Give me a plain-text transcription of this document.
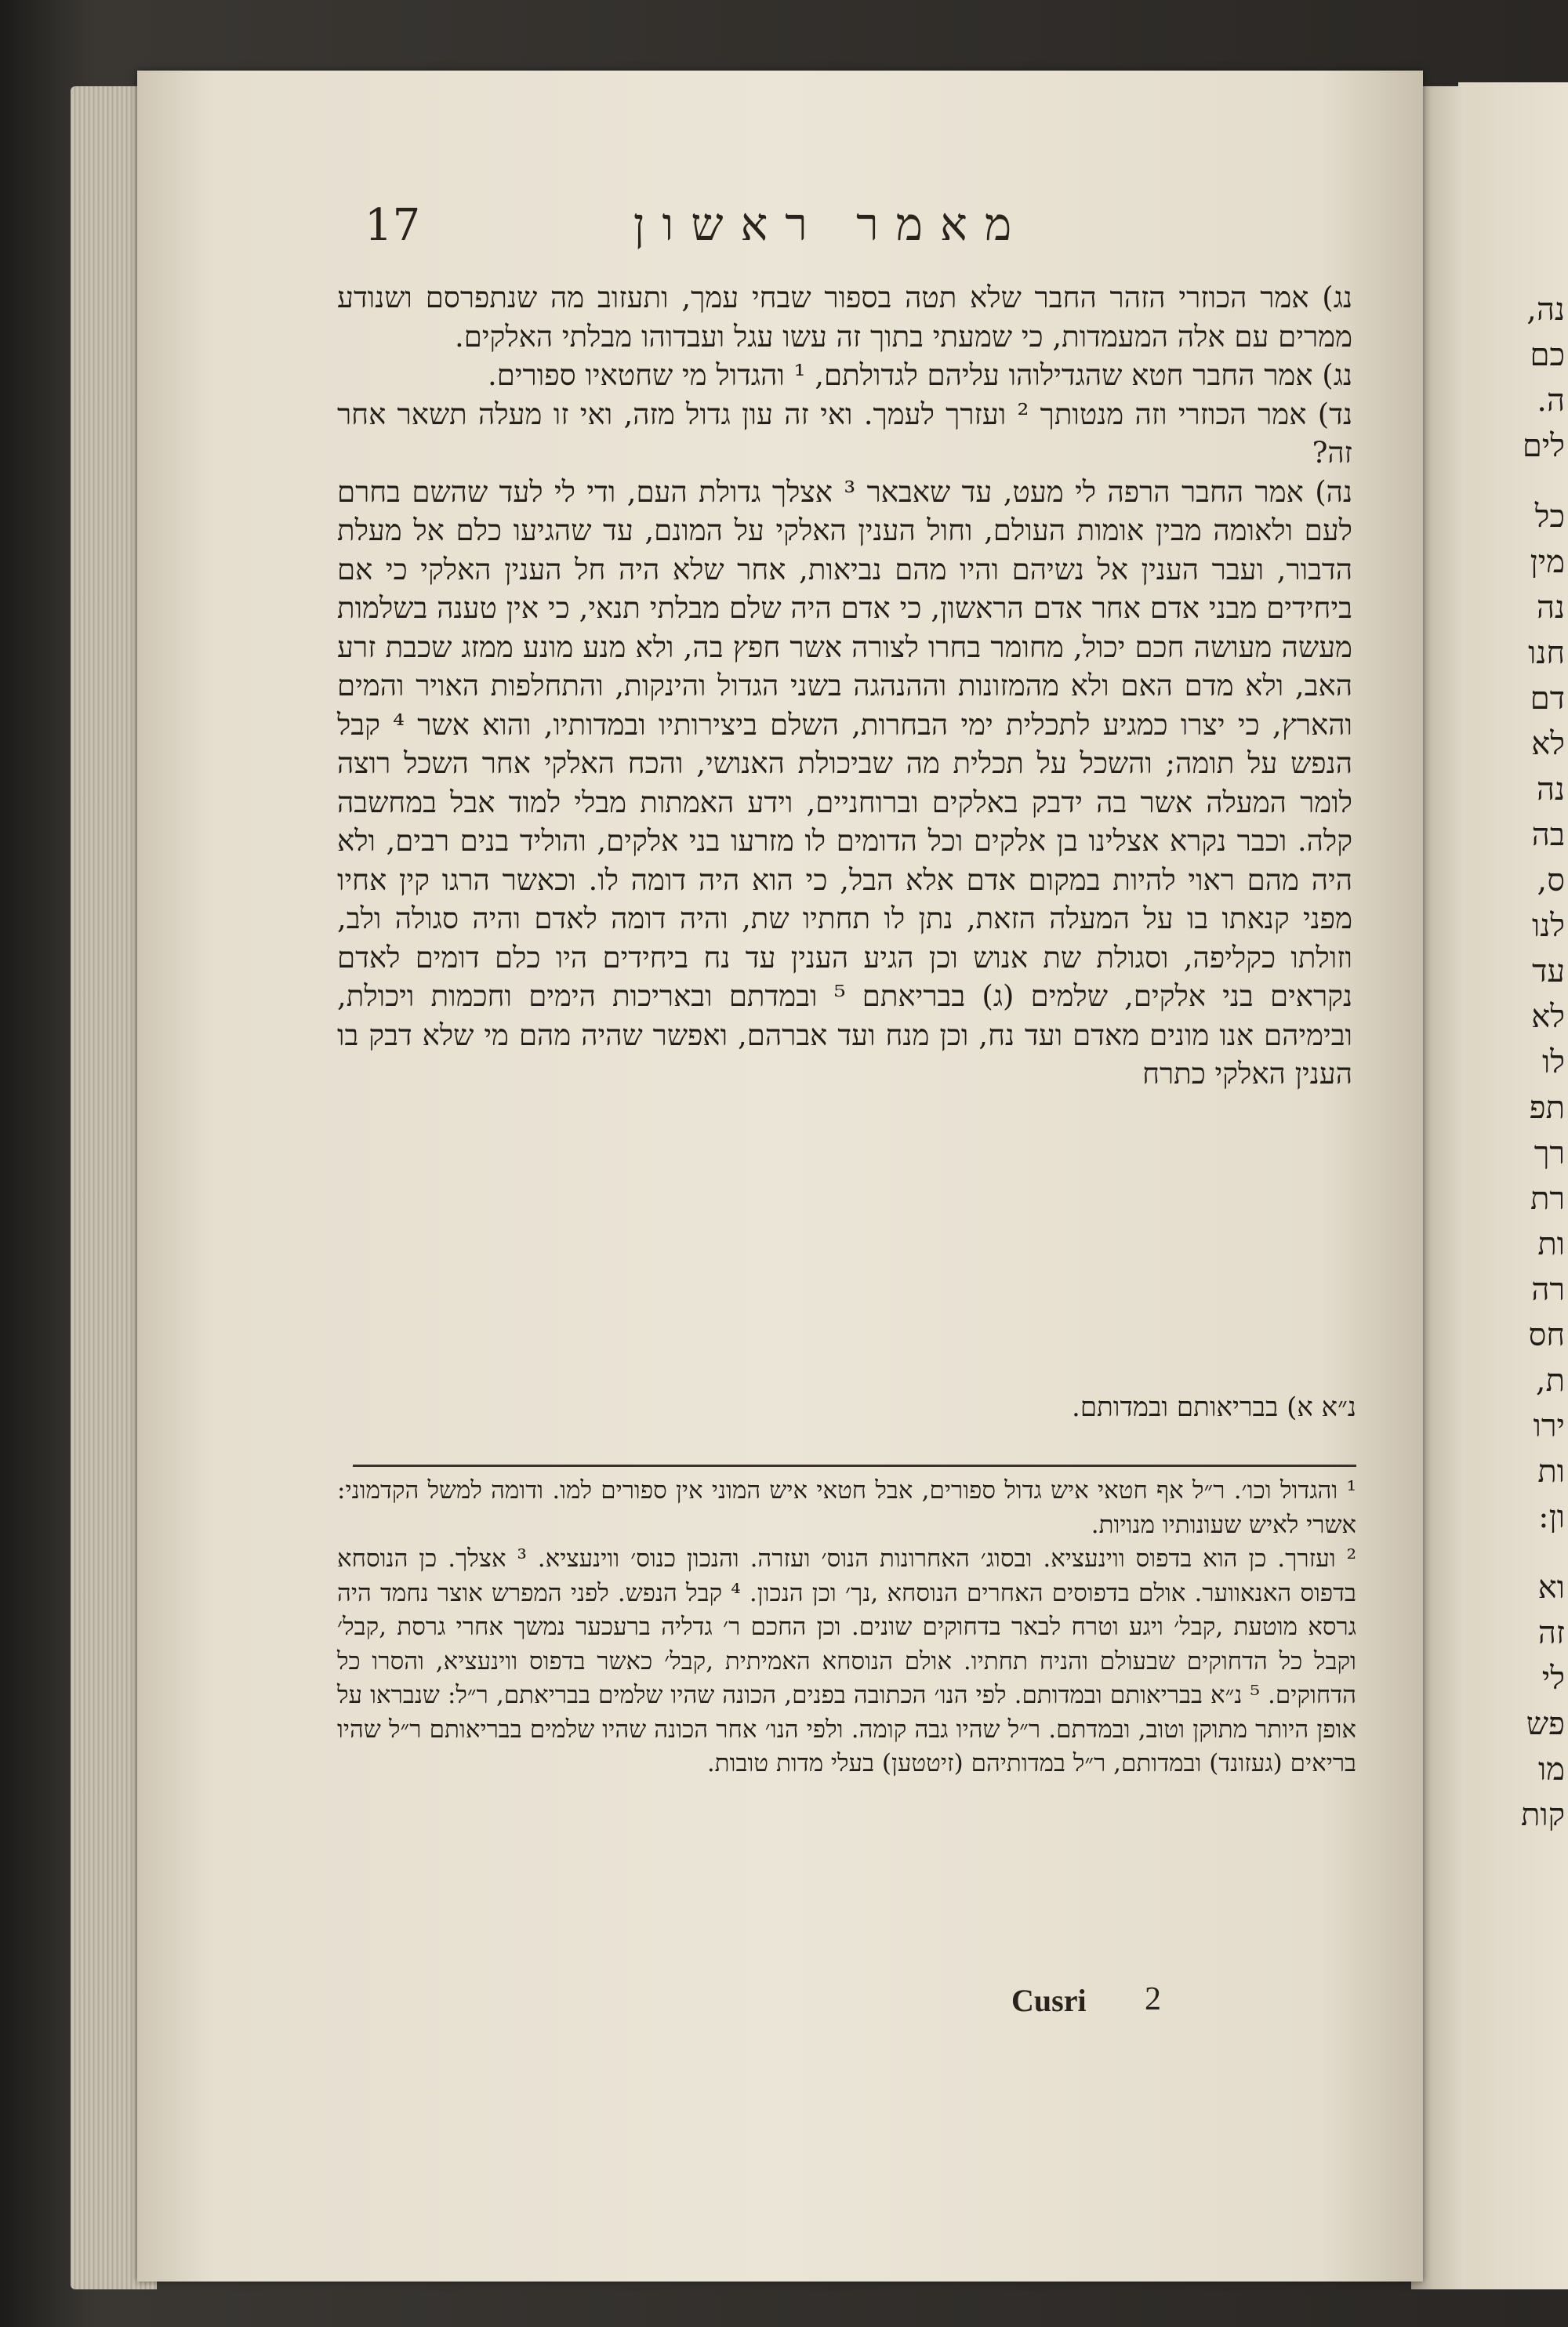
נה,
כם
ה.
לים
כל
מין
נה
חנו
דם
לא
נה
בה
ס,
לנו
עד
לא
לו
תפ
רך
רת
ות
רה
חס
ת,
ירו
ות
ון:
וא
זה
לי
פש
מו
קות
17	מאמר ראשון

נג) אמר הכוזרי הזהר החבר שלא תטה בספור שבחי עמך, ותעזוב מה שנתפרסם ושנודע ממרים עם אלה המעמדות, כי שמעתי בתוך זה עשו עגל ועבדוהו מבלתי האלקים.

נג) אמר החבר חטא שהגדילוהו עליהם לגדולתם, ¹ והגדול מי שחטאיו ספורים.

נד) אמר הכוזרי וזה מנטותך ² ועזרך לעמך. ואי זה עון גדול מזה, ואי זו מעלה תשאר אחר זה?

נה) אמר החבר הרפה לי מעט, עד שאבאר ³ אצלך גדולת העם, ודי לי לעד שהשם בחרם לעם ולאומה מבין אומות העולם, וחול הענין האלקי על המונם, עד שהגיעו כלם אל מעלת הדבור, ועבר הענין אל נשיהם והיו מהם נביאות, אחר שלא היה חל הענין האלקי כי אם ביחידים מבני אדם אחר אדם הראשון, כי אדם היה שלם מבלתי תנאי, כי אין טענה בשלמות מעשה מעושה חכם יכול, מחומר בחרו לצורה אשר חפץ בה, ולא מנע מונע ממזג שכבת זרע האב, ולא מדם האם ולא מהמזונות וההנהגה בשני הגדול והינקות, והתחלפות האויר והמים והארץ, כי יצרו כמגיע לתכלית ימי הבחרות, השלם ביצירותיו ובמדותיו, והוא אשר ⁴ קבל הנפש על תומה; והשכל על תכלית מה שביכולת האנושי, והכח האלקי אחר השכל רוצה לומר המעלה אשר בה ידבק באלקים וברוחניים, וידע האמתות מבלי למוד אבל במחשבה קלה. וכבר נקרא אצלינו בן אלקים וכל הדומים לו מזרעו בני אלקים, והוליד בנים רבים, ולא היה מהם ראוי להיות במקום אדם אלא הבל, כי הוא היה דומה לו. וכאשר הרגו קין אחיו מפני קנאתו בו על המעלה הזאת, נתן לו תחתיו שת, והיה דומה לאדם והיה סגולה ולב, וזולתו כקליפה, וסגולת שת אנוש וכן הגיע הענין עד נח ביחידים היו כלם דומים לאדם נקראים בני אלקים, שלמים (ג) בבריאתם ⁵ ובמדתם ובאריכות הימים וחכמות ויכולת, ובימיהם אנו מונים מאדם ועד נח, וכן מנח ועד אברהם, ואפשר שהיה מהם מי שלא דבק בו הענין האלקי כתרח

נ״א א) בבריאותם ובמדותם.

¹ והגדול וכו׳. ר״ל אף חטאי איש גדול ספורים, אבל חטאי איש המוני אין ספורים למו. ודומה למשל הקדמוני: אשרי לאיש שעונותיו מנויות.

² ועזרך. כן הוא בדפוס ווינעציא. ובסוג׳ האחרונות הנוס׳ ועזרה. והנכון כנוס׳ ווינעציא. ³ אצלך. כן הנוסחא בדפוס האנאווער. אולם בדפוסים האחרים הנוסחא ,נך׳ וכן הנכון. ⁴ קבל הנפש. לפני המפרש אוצר נחמד היה גרסא מוטעת ,קבל׳ ויגע וטרח לבאר בדחוקים שונים. וכן החכם ר׳ גדליה ברעכער נמשך אחרי גרסת ,קבל׳ וקבל כל הדחוקים שבעולם והניח תחתיו. אולם הנוסחא האמיתית ,קבל׳ כאשר בדפוס ווינעציא, והסרו כל הדחוקים. ⁵ נ״א בבריאותם ובמדותם. לפי הנו׳ הכתובה בפנים, הכונה שהיו שלמים בבריאתם, ר״ל: שנבראו על אופן היותר מתוקן וטוב, ובמדתם. ר״ל שהיו גבה קומה. ולפי הנו׳ אחר הכונה שהיו שלמים בבריאותם ר״ל שהיו בריאים (געזונד) ובמדותם, ר״ל במדותיהם (זיטטען) בעלי מדות טובות.

Cusri 2
